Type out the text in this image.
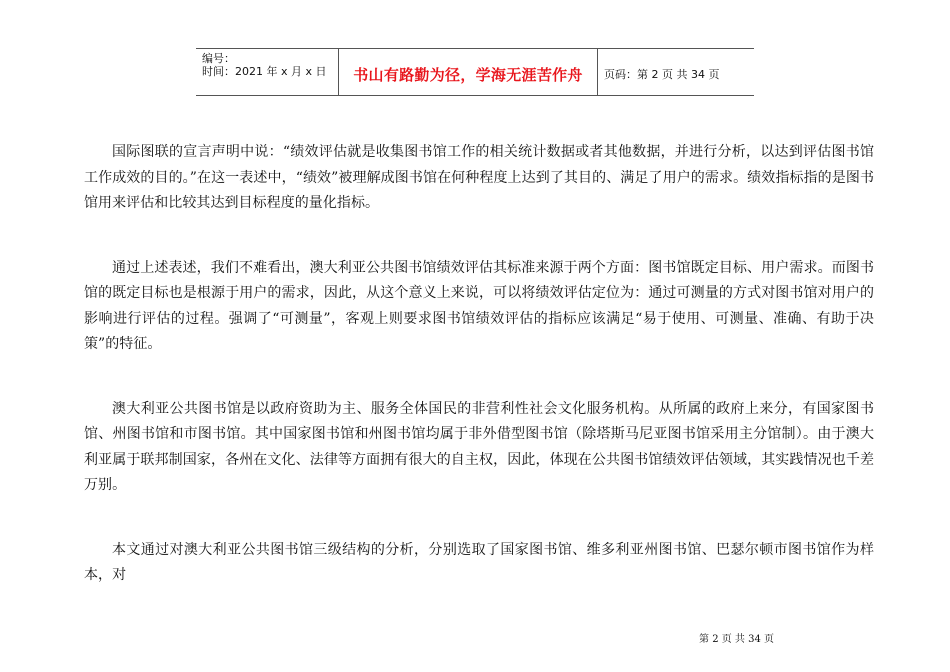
编号：
时间：2021 年 x 月 x 日	书山有路勤为径，学海无涯苦作舟 页码：第 2 页 共 34 页

国际图联的宣言声明中说：“绩效评估就是收集图书馆工作的相关统计数据或者其他数据，并进行分析，以达到评估图书馆工作成效的目的。”在这一表述中，“绩效”被理解成图书馆在何种程度上达到了其目的、满足了用户的需求。绩效指标指的是图书馆用来评估和比较其达到目标程度的量化指标。

通过上述表述，我们不难看出，澳大利亚公共图书馆绩效评估其标准来源于两个方面：图书馆既定目标、用户需求。而图书馆的既定目标也是根源于用户的需求，因此，从这个意义上来说，可以将绩效评估定位为：通过可测量的方式对图书馆对用户的影响进行评估的过程。强调了“可测量”，客观上则要求图书馆绩效评估的指标应该满足“易于使用、可测量、准确、有助于决策”的特征。

澳大利亚公共图书馆是以政府资助为主、服务全体国民的非营利性社会文化服务机构。从所属的政府上来分，有国家图书馆、州图书馆和市图书馆。其中国家图书馆和州图书馆均属于非外借型图书馆（除塔斯马尼亚图书馆采用主分馆制）。由于澳大利亚属于联邦制国家，各州在文化、法律等方面拥有很大的自主权，因此，体现在公共图书馆绩效评估领域，其实践情况也千差万别。

本文通过对澳大利亚公共图书馆三级结构的分析，分别选取了国家图书馆、维多利亚州图书馆、巴瑟尔顿市图书馆作为样本，对

第 2 页 共 34 页
